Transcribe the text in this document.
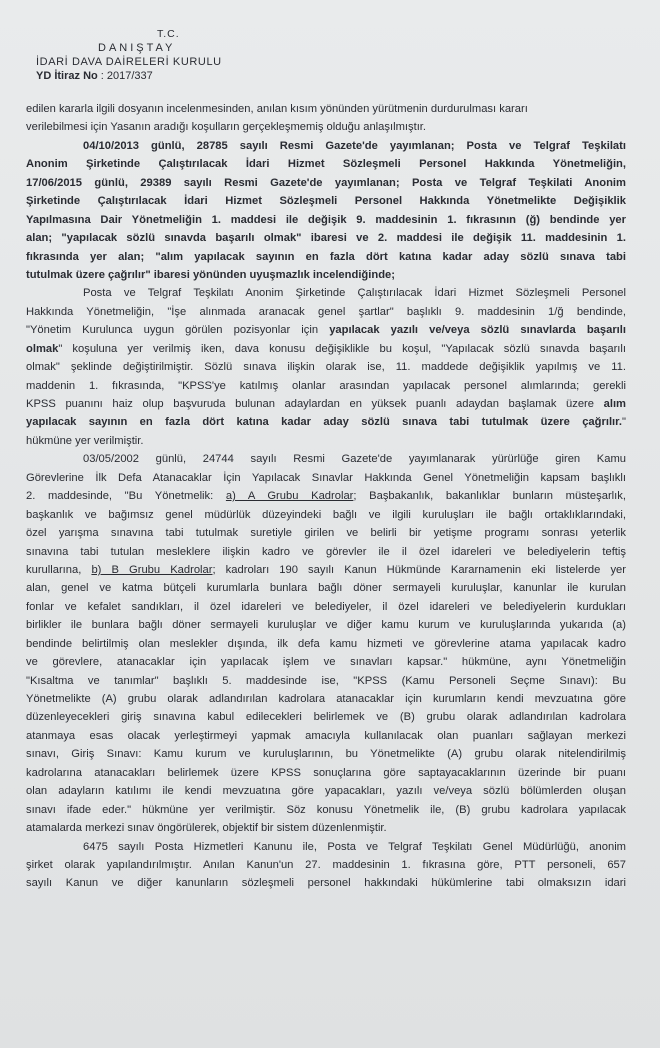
T.C.
DANIŞTAY
İDARİ DAVA DAİRELERİ KURULU
YD İtiraz No : 2017/337
edilen kararla ilgili dosyanın incelenmesinden, anılan kısım yönünden yürütmenin durdurulması kararı
verilebilmesi için Yasanın aradığı koşulların gerçekleşmemiş olduğu anlaşılmıştır.
04/10/2013 günlü, 28785 sayılı Resmi Gazete'de yayımlanan; Posta ve Telgraf Teşkilatı
Anonim Şirketinde Çalıştırılacak İdari Hizmet Sözleşmeli Personel Hakkında Yönetmeliğin,
17/06/2015 günlü, 29389 sayılı Resmi Gazete'de yayımlanan; Posta ve Telgraf Teşkilati Anonim
Şirketinde Çalıştırılacak İdari Hizmet Sözleşmeli Personel Hakkında Yönetmelikte Değişiklik
Yapılmasına Dair Yönetmeliğin 1. maddesi ile değişik 9. maddesinin 1. fıkrasının (ğ) bendinde yer
alan; "yapılacak sözlü sınavda başarılı olmak" ibaresi ve 2. maddesi ile değişik 11. maddesinin 1.
fıkrasında yer alan; "alım yapılacak sayının en fazla dört katına kadar aday sözlü sınava tabi
tutulmak üzere çağrılır" ibaresi yönünden uyuşmazlık incelendiğinde;
Posta ve Telgraf Teşkilatı Anonim Şirketinde Çalıştırılacak İdari Hizmet Sözleşmeli Personel
Hakkında Yönetmeliğin, "İşe alınmada aranacak genel şartlar" başlıklı 9. maddesinin 1/ğ bendinde,
"Yönetim Kurulunca uygun görülen pozisyonlar için yapılacak yazılı ve/veya sözlü sınavlarda başarılı
olmak" koşuluna yer verilmiş iken, dava konusu değişiklikle bu koşul, "Yapılacak sözlü sınavda başarılı
olmak" şeklinde değiştirilmiştir. Sözlü sınava ilişkin olarak ise, 11. maddede değişiklik yapılmış ve 11.
maddenin 1. fıkrasında, "KPSS'ye katılmış olanlar arasından yapılacak personel alımlarında; gerekli
KPSS puanını haiz olup başvuruda bulunan adaylardan en yüksek puanlı adaydan başlamak üzere alım
yapılacak sayının en fazla dört katına kadar aday sözlü sınava tabi tutulmak üzere çağrılır."
hükmüne yer verilmiştir.
03/05/2002 günlü, 24744 sayılı Resmi Gazete'de yayımlanarak yürürlüğe giren Kamu
Görevlerine İlk Defa Atanacaklar İçin Yapılacak Sınavlar Hakkında Genel Yönetmeliğin kapsam başlıklı
2. maddesinde, "Bu Yönetmelik: a) A Grubu Kadrolar; Başbakanlık, bakanlıklar bunların müsteşarlık,
başkanlık ve bağımsız genel müdürlük düzeyindeki bağlı ve ilgili kuruluşları ile bağlı ortaklıklarındaki,
özel yarışma sınavına tabi tutulmak suretiyle girilen ve belirli bir yetişme programı sonrası yeterlik
sınavına tabi tutulan mesleklere ilişkin kadro ve görevler ile il özel idareleri ve belediyelerin teftiş
kurullarına, b) B Grubu Kadrolar; kadroları 190 sayılı Kanun Hükmünde Kararnamenin eki listelerde yer
alan, genel ve katma bütçeli kurumlarla bunlara bağlı döner sermayeli kuruluşlar, kanunlar ile kurulan
fonlar ve kefalet sandıkları, il özel idareleri ve belediyeler, il özel idareleri ve belediyelerin kurdukları
birlikler ile bunlara bağlı döner sermayeli kuruluşlar ve diğer kamu kurum ve kuruluşlarında yukarıda (a)
bendinde belirtilmiş olan meslekler dışında, ilk defa kamu hizmeti ve görevlerine atama yapılacak kadro
ve görevlere, atanacaklar için yapılacak işlem ve sınavları kapsar." hükmüne, aynı Yönetmeliğin
"Kısaltma ve tanımlar" başlıklı 5. maddesinde ise, "KPSS (Kamu Personeli Seçme Sınavı): Bu
Yönetmelikte (A) grubu olarak adlandırılan kadrolara atanacaklar için kurumların kendi mevzuatına göre
düzenleyecekleri giriş sınavına kabul edilecekleri belirlemek ve (B) grubu olarak adlandırılan kadrolara
atanmaya esas olacak yerleştirmeyi yapmak amacıyla kullanılacak olan puanları sağlayan merkezi
sınavı, Giriş Sınavı: Kamu kurum ve kuruluşlarının, bu Yönetmelikte (A) grubu olarak nitelendirilmiş
kadrolarına atanacakları belirlemek üzere KPSS sonuçlarına göre saptayacaklarının üzerinde bir puanı
olan adayların katılımı ile kendi mevzuatına göre yapacakları, yazılı ve/veya sözlü bölümlerden oluşan
sınavı ifade eder." hükmüne yer verilmiştir. Söz konusu Yönetmelik ile, (B) grubu kadrolara yapılacak
atamalarda merkezi sınav öngörülerek, objektif bir sistem düzenlenmiştir.
6475 sayılı Posta Hizmetleri Kanunu ile, Posta ve Telgraf Teşkilatı Genel Müdürlüğü, anonim
şirket olarak yapılandırılmıştır. Anılan Kanun'un 27. maddesinin 1. fıkrasına göre, PTT personeli, 657
sayılı Kanun ve diğer kanunların sözleşmeli personel hakkındaki hükümlerine tabi olmaksızın idari
